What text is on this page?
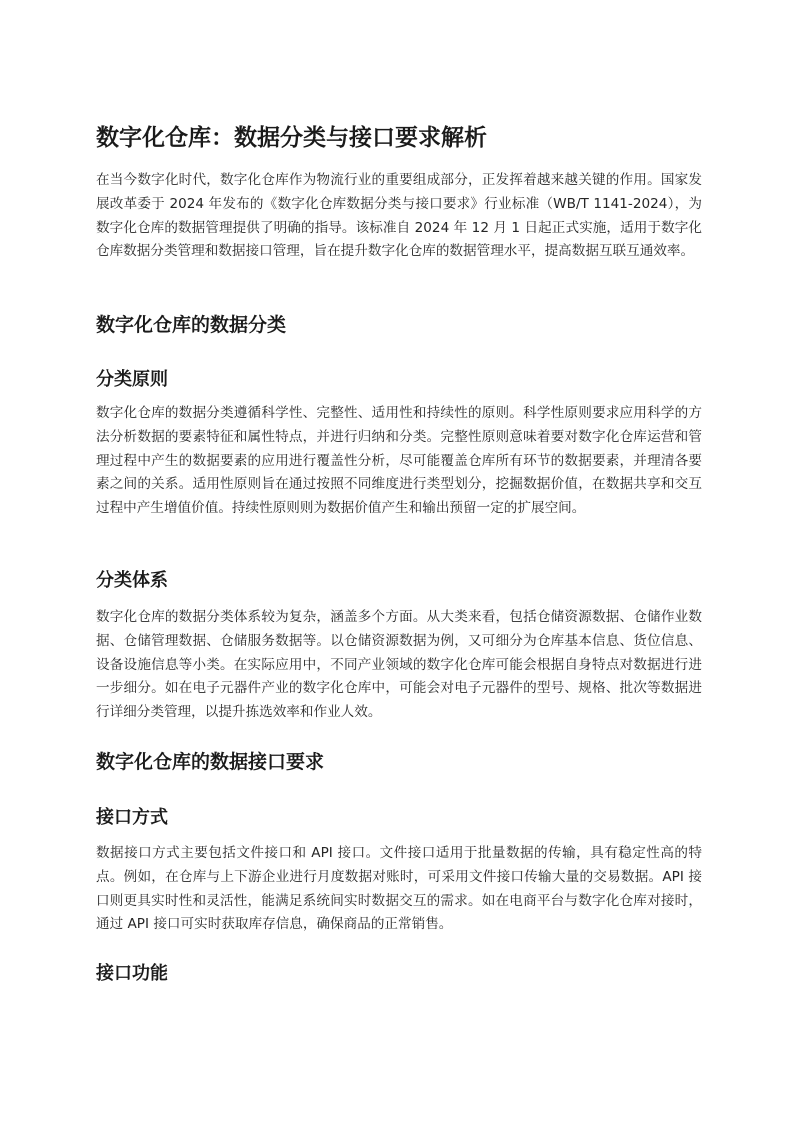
数字化仓库：数据分类与接口要求解析

在当今数字化时代，数字化仓库作为物流行业的重要组成部分，正发挥着越来越关键的作用。国家发展改革委于 2024 年发布的《数字化仓库数据分类与接口要求》行业标准（WB/T 1141-2024），为数字化仓库的数据管理提供了明确的指导。该标准自 2024 年 12 月 1 日起正式实施，适用于数字化仓库数据分类管理和数据接口管理，旨在提升数字化仓库的数据管理水平，提高数据互联互通效率。

数字化仓库的数据分类
分类原则

数字化仓库的数据分类遵循科学性、完整性、适用性和持续性的原则。科学性原则要求应用科学的方法分析数据的要素特征和属性特点，并进行归纳和分类。完整性原则意味着要对数字化仓库运营和管理过程中产生的数据要素的应用进行覆盖性分析，尽可能覆盖仓库所有环节的数据要素，并理清各要素之间的关系。适用性原则旨在通过按照不同维度进行类型划分，挖掘数据价值，在数据共享和交互过程中产生增值价值。持续性原则则为数据价值产生和输出预留一定的扩展空间。

分类体系

数字化仓库的数据分类体系较为复杂，涵盖多个方面。从大类来看，包括仓储资源数据、仓储作业数据、仓储管理数据、仓储服务数据等。以仓储资源数据为例，又可细分为仓库基本信息、货位信息、设备设施信息等小类。在实际应用中，不同产业领域的数字化仓库可能会根据自身特点对数据进行进一步细分。如在电子元器件产业的数字化仓库中，可能会对电子元器件的型号、规格、批次等数据进行详细分类管理，以提升拣选效率和作业人效。

数字化仓库的数据接口要求
接口方式

数据接口方式主要包括文件接口和 API 接口。文件接口适用于批量数据的传输，具有稳定性高的特点。例如，在仓库与上下游企业进行月度数据对账时，可采用文件接口传输大量的交易数据。API 接口则更具实时性和灵活性，能满足系统间实时数据交互的需求。如在电商平台与数字化仓库对接时，通过 API 接口可实时获取库存信息，确保商品的正常销售。

接口功能
